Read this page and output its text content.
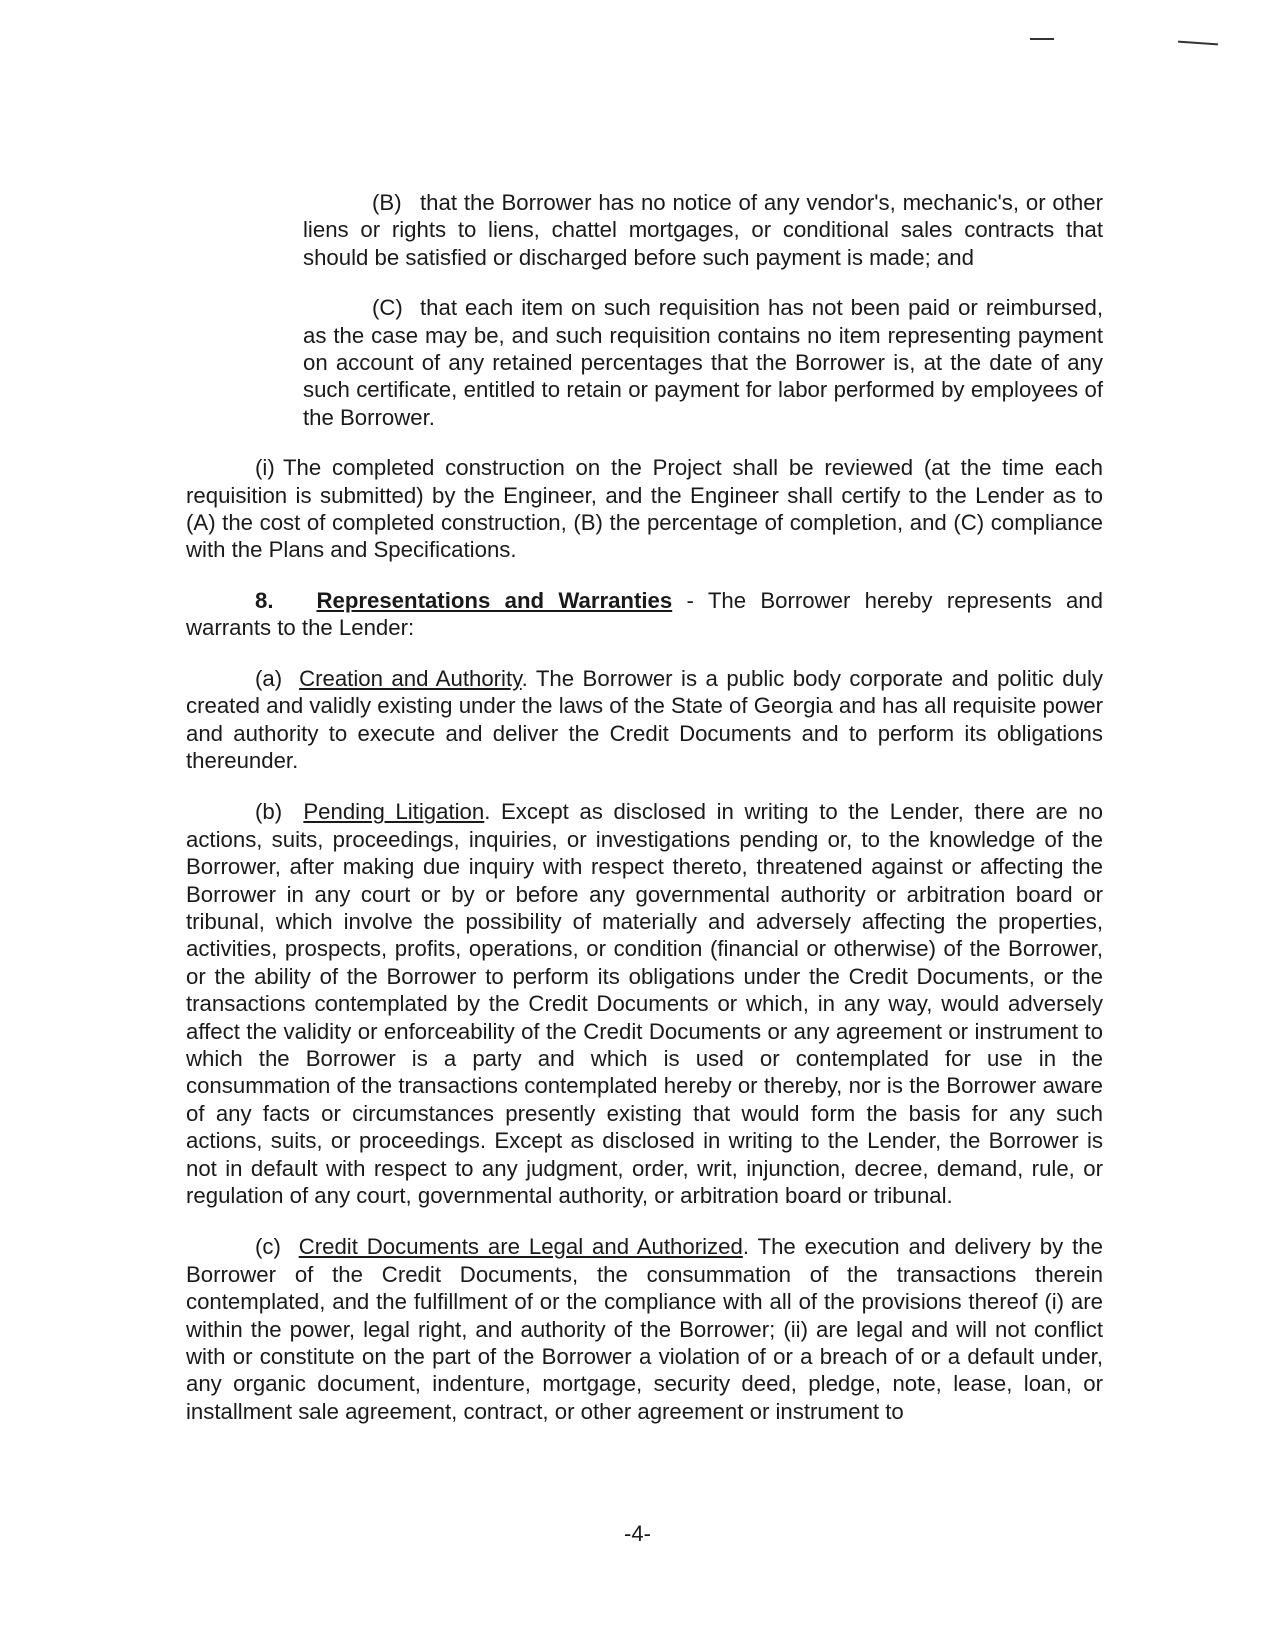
(B) that the Borrower has no notice of any vendor's, mechanic's, or other liens or rights to liens, chattel mortgages, or conditional sales contracts that should be satisfied or discharged before such payment is made; and

(C) that each item on such requisition has not been paid or reimbursed, as the case may be, and such requisition contains no item representing payment on account of any retained percentages that the Borrower is, at the date of any such certificate, entitled to retain or payment for labor performed by employees of the Borrower.

(i) The completed construction on the Project shall be reviewed (at the time each requisition is submitted) by the Engineer, and the Engineer shall certify to the Lender as to (A) the cost of completed construction, (B) the percentage of completion, and (C) compliance with the Plans and Specifications.

8. Representations and Warranties - The Borrower hereby represents and warrants to the Lender:

(a) Creation and Authority. The Borrower is a public body corporate and politic duly created and validly existing under the laws of the State of Georgia and has all requisite power and authority to execute and deliver the Credit Documents and to perform its obligations thereunder.

(b) Pending Litigation. Except as disclosed in writing to the Lender, there are no actions, suits, proceedings, inquiries, or investigations pending or, to the knowledge of the Borrower, after making due inquiry with respect thereto, threatened against or affecting the Borrower in any court or by or before any governmental authority or arbitration board or tribunal, which involve the possibility of materially and adversely affecting the properties, activities, prospects, profits, operations, or condition (financial or otherwise) of the Borrower, or the ability of the Borrower to perform its obligations under the Credit Documents, or the transactions contemplated by the Credit Documents or which, in any way, would adversely affect the validity or enforceability of the Credit Documents or any agreement or instrument to which the Borrower is a party and which is used or contemplated for use in the consummation of the transactions contemplated hereby or thereby, nor is the Borrower aware of any facts or circumstances presently existing that would form the basis for any such actions, suits, or proceedings. Except as disclosed in writing to the Lender, the Borrower is not in default with respect to any judgment, order, writ, injunction, decree, demand, rule, or regulation of any court, governmental authority, or arbitration board or tribunal.

(c) Credit Documents are Legal and Authorized. The execution and delivery by the Borrower of the Credit Documents, the consummation of the transactions therein contemplated, and the fulfillment of or the compliance with all of the provisions thereof (i) are within the power, legal right, and authority of the Borrower; (ii) are legal and will not conflict with or constitute on the part of the Borrower a violation of or a breach of or a default under, any organic document, indenture, mortgage, security deed, pledge, note, lease, loan, or installment sale agreement, contract, or other agreement or instrument to

-4-
